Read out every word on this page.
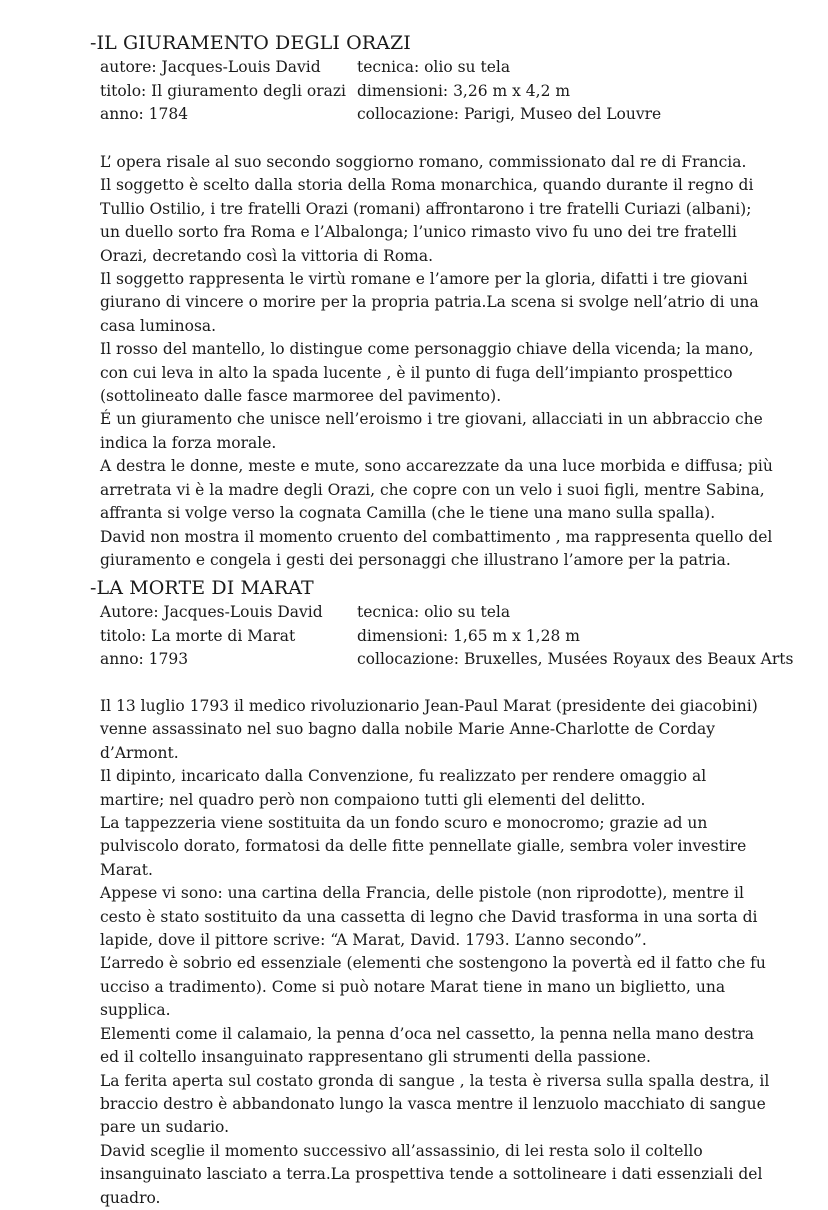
-IL GIURAMENTO DEGLI ORAZI
autore: Jacques-Louis David tecnica: olio su tela
titolo: Il giuramento degli orazi dimensioni: 3,26 m x 4,2 m
anno: 1784	collocazione: Parigi, Museo del Louvre

L’ opera risale al suo secondo soggiorno romano, commissionato dal re di Francia.

Il soggetto è scelto dalla storia della Roma monarchica, quando durante il regno di Tullio Ostilio, i tre fratelli Orazi (romani) affrontarono i tre fratelli Curiazi (albani); un duello sorto fra Roma e l’Albalonga; l’unico rimasto vivo fu uno dei tre fratelli Orazi, decretando così la vittoria di Roma.

Il soggetto rappresenta le virtù romane e l’amore per la gloria, difatti i tre giovani giurano di vincere o morire per la propria patria.La scena si svolge nell’atrio di una casa luminosa.

Il rosso del mantello, lo distingue come personaggio chiave della vicenda; la mano, con cui leva in alto la spada lucente , è il punto di fuga dell’impianto prospettico (sottolineato dalle fasce marmoree del pavimento).

É un giuramento che unisce nell’eroismo i tre giovani, allacciati in un abbraccio che indica la forza morale.

A destra le donne, meste e mute, sono accarezzate da una luce morbida e diffusa; più arretrata vi è la madre degli Orazi, che copre con un velo i suoi figli, mentre Sabina, affranta si volge verso la cognata Camilla (che le tiene una mano sulla spalla).

David non mostra il momento cruento del combattimento , ma rappresenta quello del giuramento e congela i gesti dei personaggi che illustrano l’amore per la patria.

-LA MORTE DI MARAT
Autore: Jacques-Louis David tecnica: olio su tela
titolo: La morte di Marat	dimensioni: 1,65 m x 1,28 m
anno: 1793	collocazione: Bruxelles, Musées Royaux des Beaux Arts

Il 13 luglio 1793 il medico rivoluzionario Jean-Paul Marat (presidente dei giacobini) venne assassinato nel suo bagno dalla nobile Marie Anne-Charlotte de Corday d’Armont.

Il dipinto, incaricato dalla Convenzione, fu realizzato per rendere omaggio al martire; nel quadro però non compaiono tutti gli elementi del delitto.

La tappezzeria viene sostituita da un fondo scuro e monocromo; grazie ad un pulviscolo dorato, formatosi da delle fitte pennellate gialle, sembra voler investire Marat.

Appese vi sono: una cartina della Francia, delle pistole (non riprodotte), mentre il cesto è stato sostituito da una cassetta di legno che David trasforma in una sorta di lapide, dove il pittore scrive: “A Marat, David. 1793. L’anno secondo”.

L’arredo è sobrio ed essenziale (elementi che sostengono la povertà ed il fatto che fu ucciso a tradimento). Come si può notare Marat tiene in mano un biglietto, una supplica.

Elementi come il calamaio, la penna d’oca nel cassetto, la penna nella mano destra ed il coltello insanguinato rappresentano gli strumenti della passione.

La ferita aperta sul costato gronda di sangue , la testa è riversa sulla spalla destra, il braccio destro è abbandonato lungo la vasca mentre il lenzuolo macchiato di sangue pare un sudario.

David sceglie il momento successivo all’assassinio, di lei resta solo il coltello insanguinato lasciato a terra.La prospettiva tende a sottolineare i dati essenziali del quadro.
